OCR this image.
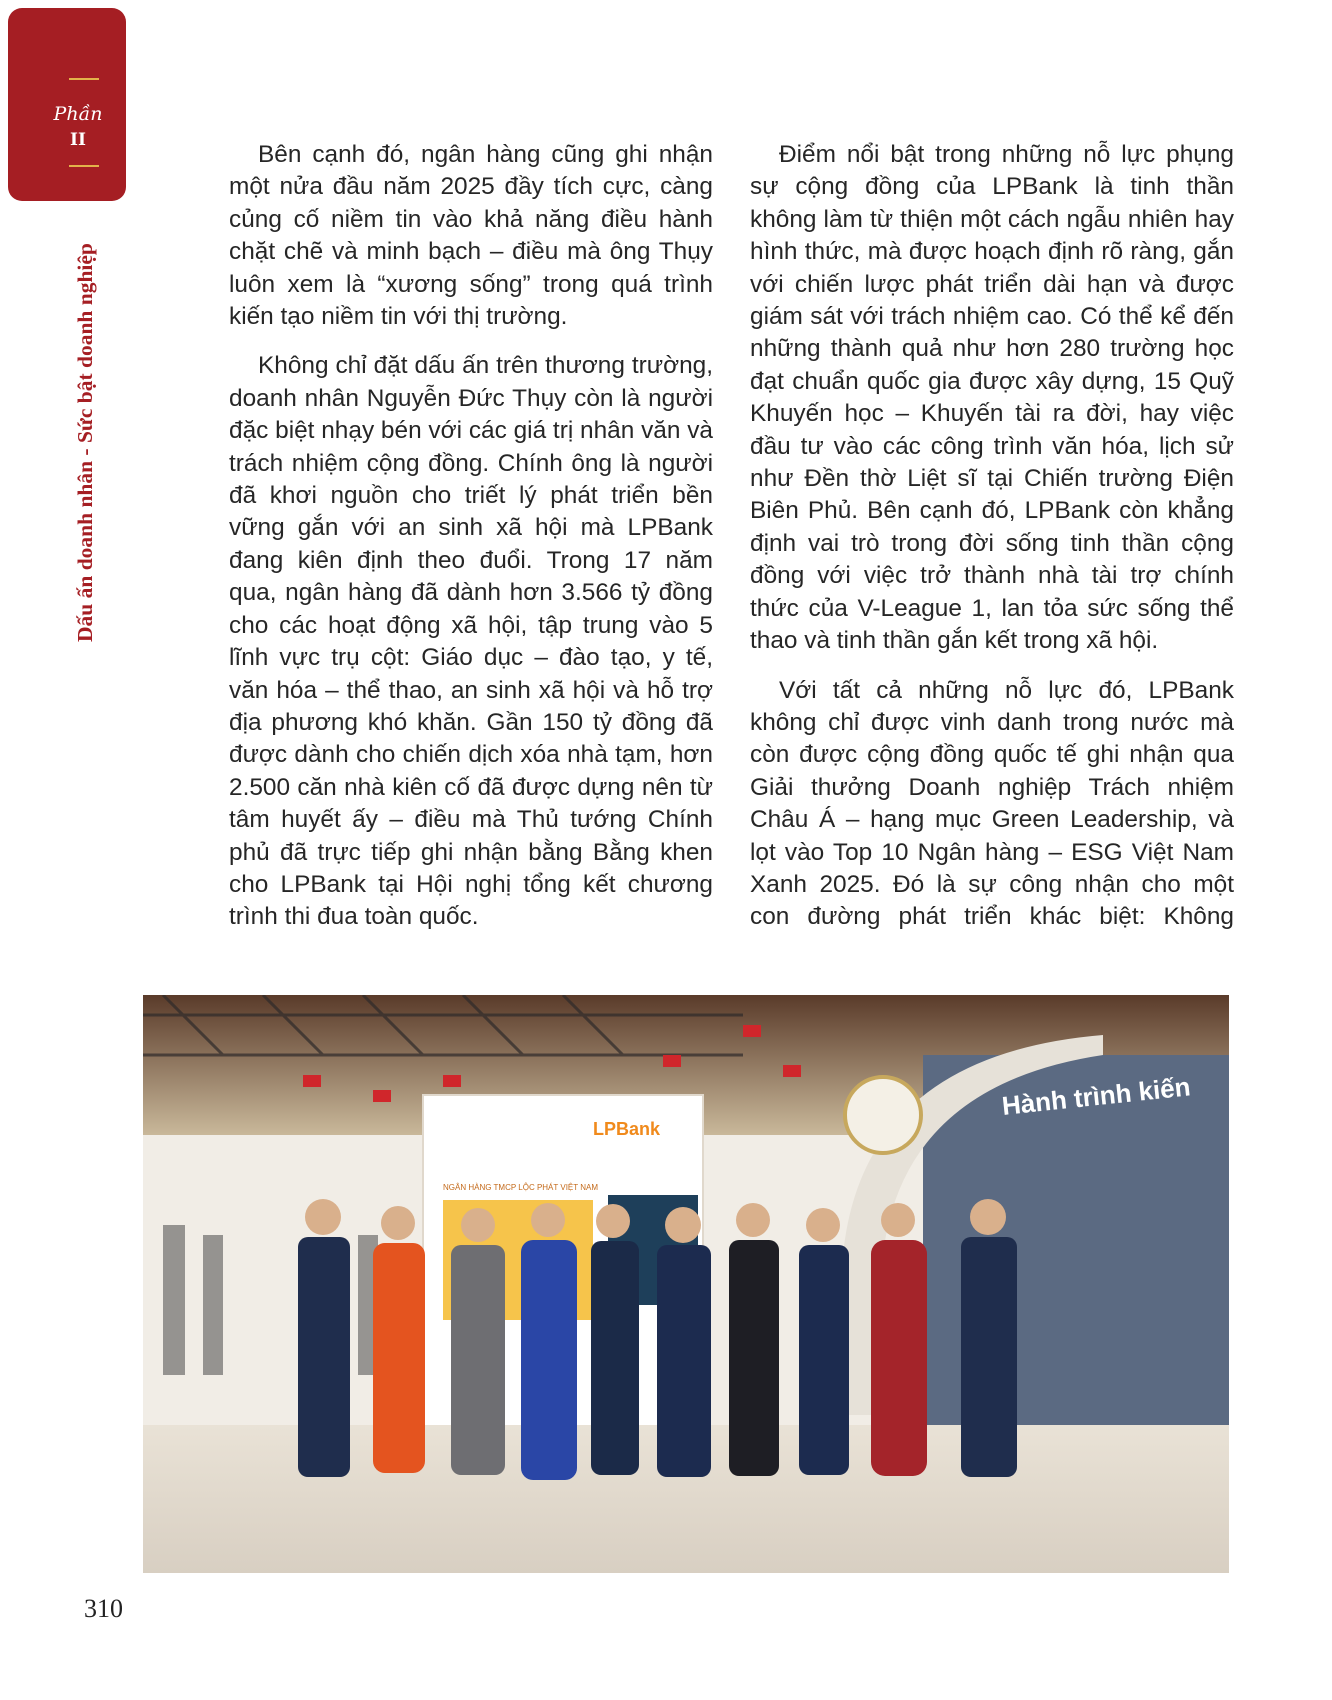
Phần
II
Dấu ấn doanh nhân - Sức bật doanh nghiệp

Bên cạnh đó, ngân hàng cũng ghi nhận một nửa đầu năm 2025 đầy tích cực, càng củng cố niềm tin vào khả năng điều hành chặt chẽ và minh bạch – điều mà ông Thụy luôn xem là “xương sống” trong quá trình kiến tạo niềm tin với thị trường.

Không chỉ đặt dấu ấn trên thương trường, doanh nhân Nguyễn Đức Thụy còn là người đặc biệt nhạy bén với các giá trị nhân văn và trách nhiệm cộng đồng. Chính ông là người đã khơi nguồn cho triết lý phát triển bền vững gắn với an sinh xã hội mà LPBank đang kiên định theo đuổi. Trong 17 năm qua, ngân hàng đã dành hơn 3.566 tỷ đồng cho các hoạt động xã hội, tập trung vào 5 lĩnh vực trụ cột: Giáo dục – đào tạo, y tế, văn hóa – thể thao, an sinh xã hội và hỗ trợ địa phương khó khăn. Gần 150 tỷ đồng đã được dành cho chiến dịch xóa nhà tạm, hơn 2.500 căn nhà kiên cố đã được dựng nên từ tâm huyết ấy – điều mà Thủ tướng Chính phủ đã trực tiếp ghi nhận bằng Bằng khen cho LPBank tại Hội nghị tổng kết chương trình thi đua toàn quốc.

Điểm nổi bật trong những nỗ lực phụng sự cộng đồng của LPBank là tinh thần không làm từ thiện một cách ngẫu nhiên hay hình thức, mà được hoạch định rõ ràng, gắn với chiến lược phát triển dài hạn và được giám sát với trách nhiệm cao. Có thể kể đến những thành quả như hơn 280 trường học đạt chuẩn quốc gia được xây dựng, 15 Quỹ Khuyến học – Khuyến tài ra đời, hay việc đầu tư vào các công trình văn hóa, lịch sử như Đền thờ Liệt sĩ tại Chiến trường Điện Biên Phủ. Bên cạnh đó, LPBank còn khẳng định vai trò trong đời sống tinh thần cộng đồng với việc trở thành nhà tài trợ chính thức của V-League 1, lan tỏa sức sống thể thao và tinh thần gắn kết trong xã hội.

Với tất cả những nỗ lực đó, LPBank không chỉ được vinh danh trong nước mà còn được cộng đồng quốc tế ghi nhận qua Giải thưởng Doanh nghiệp Trách nhiệm Châu Á – hạng mục Green Leadership, và lọt vào Top 10 Ngân hàng – ESG Việt Nam Xanh 2025. Đó là sự công nhận cho một con đường phát triển khác biệt: Không

Hành trình kiến
LPBank
NGÂN HÀNG TMCP LỘC PHÁT VIỆT NAM
310
